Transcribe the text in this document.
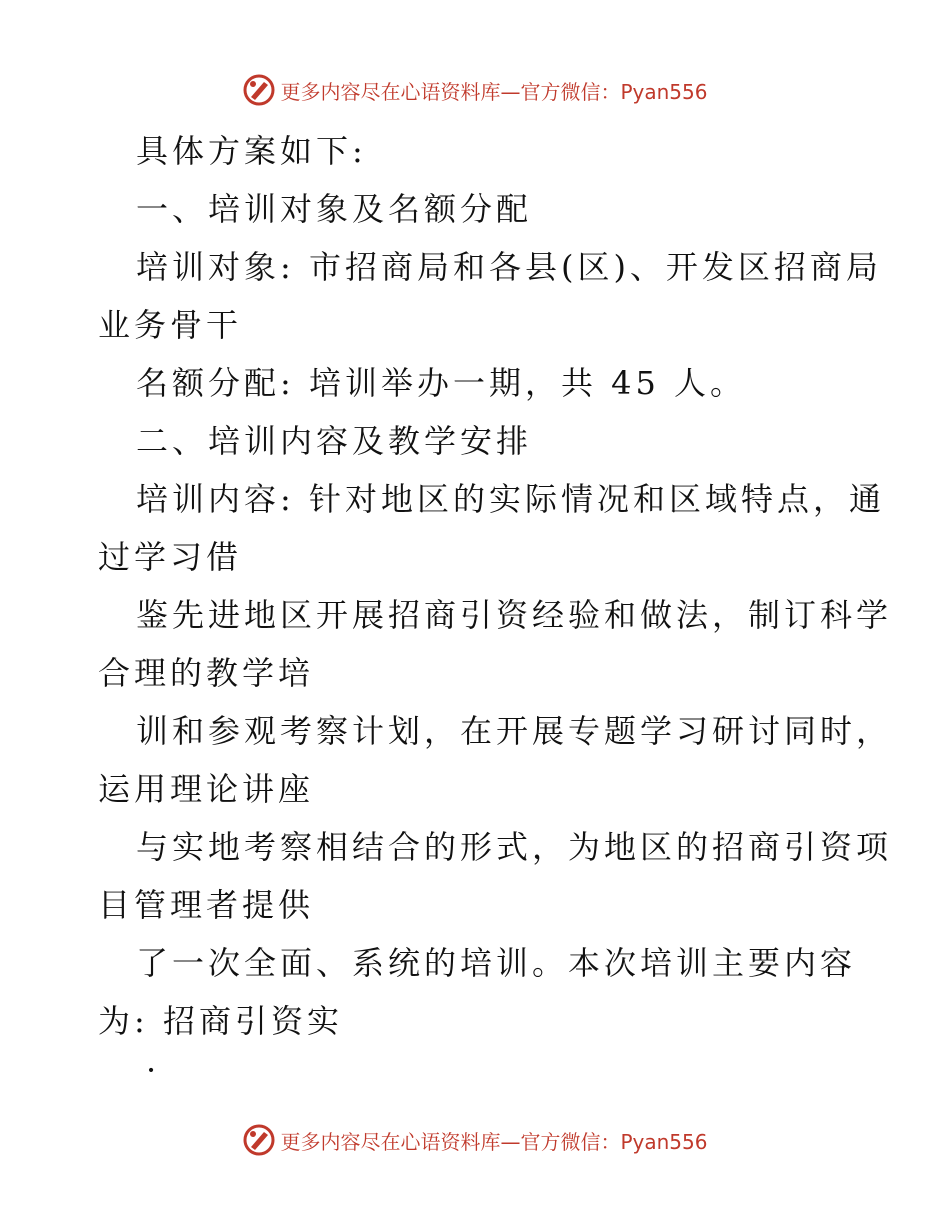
更多内容尽在心语资料库—官方微信：Pyan556
具体方案如下:
一、培训对象及名额分配
培训对象: 市招商局和各县(区)、开发区招商局
业务骨干
名额分配: 培训举办一期，共 45 人。
二、培训内容及教学安排
培训内容: 针对地区的实际情况和区域特点，通
过学习借
鉴先进地区开展招商引资经验和做法，制订科学
合理的教学培
训和参观考察计划，在开展专题学习研讨同时，
运用理论讲座
与实地考察相结合的形式，为地区的招商引资项
目管理者提供
了一次全面、系统的培训。本次培训主要内容
为: 招商引资实
·
更多内容尽在心语资料库—官方微信：Pyan556
